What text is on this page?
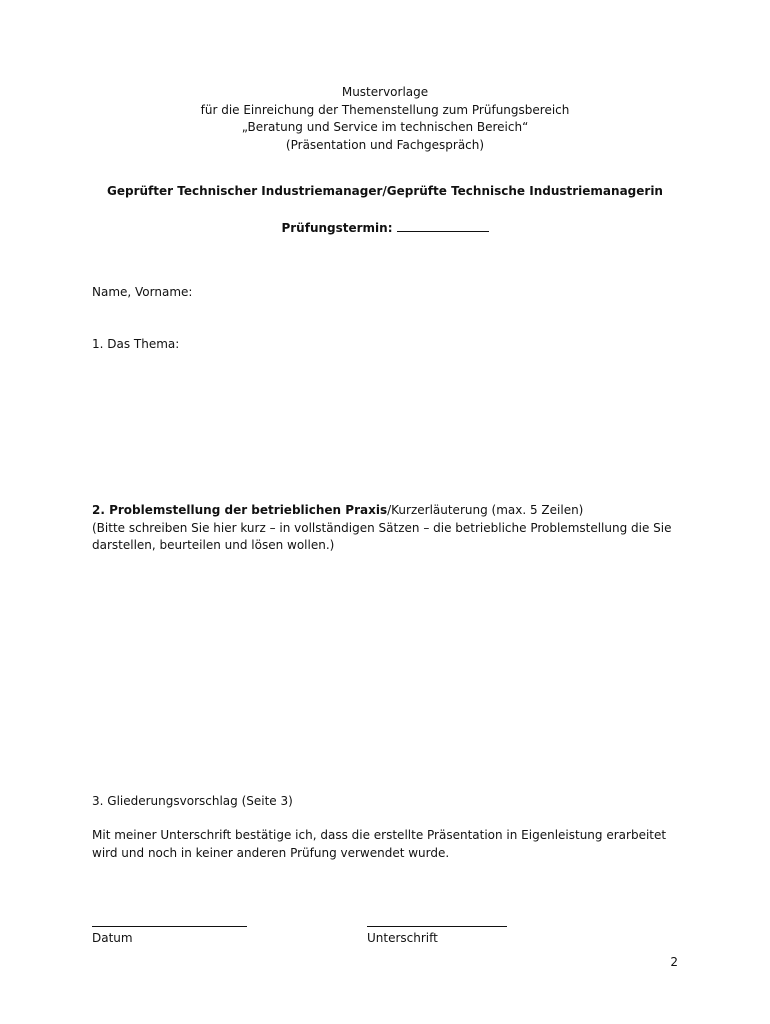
Mustervorlage
für die Einreichung der Themenstellung zum Prüfungsbereich
„Beratung und Service im technischen Bereich“
(Präsentation und Fachgespräch)
Geprüfter Technischer Industriemanager/Geprüfte Technische Industriemanagerin
Prüfungstermin:
Name, Vorname:
1. Das Thema:
2. Problemstellung der betrieblichen Praxis/Kurzerläuterung (max. 5 Zeilen)
(Bitte schreiben Sie hier kurz – in vollständigen Sätzen – die betriebliche Problemstellung die Sie
darstellen, beurteilen und lösen wollen.)
3. Gliederungsvorschlag (Seite 3)
Mit meiner Unterschrift bestätige ich, dass die erstellte Präsentation in Eigenleistung erarbeitet
wird und noch in keiner anderen Prüfung verwendet wurde.
Datum	Unterschrift
2
